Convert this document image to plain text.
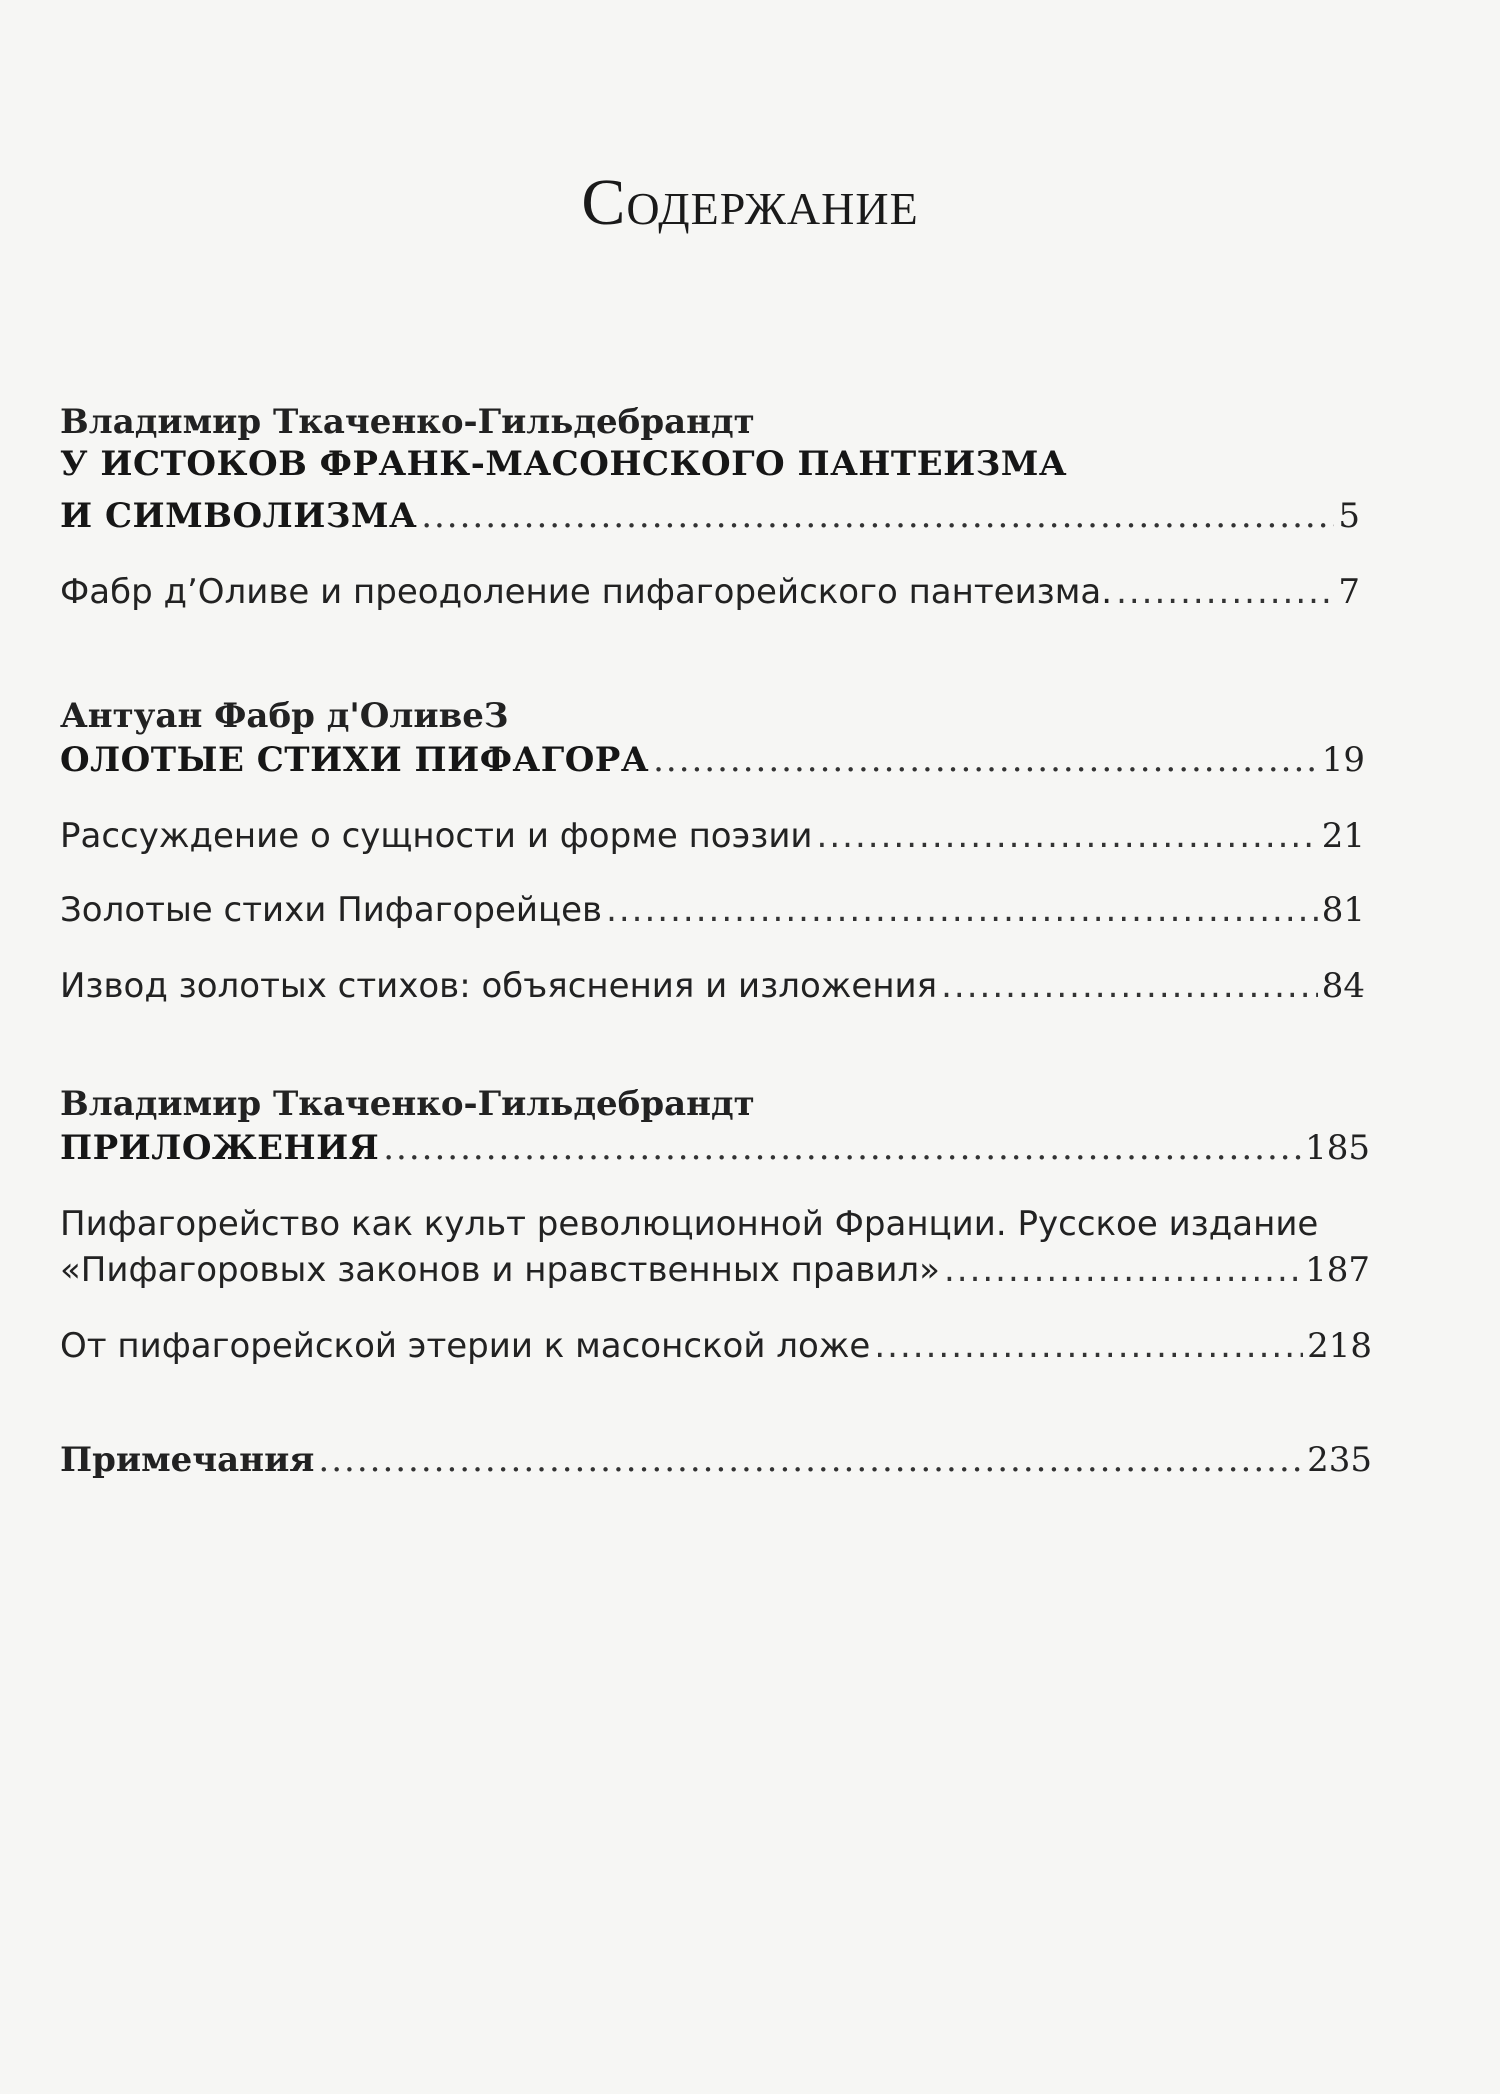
Содержание
Владимир Ткаченко-Гильдебрандт
У ИСТОКОВ ФРАНК-МАСОНСКОГО ПАНТЕИЗМА
И СИМВОЛИЗМА .....	5
Фабр д’Оливе и преодоление пифагорейского пантеизма. .....	7
Антуан Фабр д'ОливеЗ
ОЛОТЫЕ СТИХИ ПИФАГОРА .....	19
Рассуждение о сущности и форме поэзии .....	21
Золотые стихи Пифагорейцев .....	81
Извод золотых стихов: объяснения и изложения .....	84
Владимир Ткаченко-Гильдебрандт
ПРИЛОЖЕНИЯ .....	185
Пифагорейство как культ революционной Франции. Русское издание
«Пифагоровых законов и нравственных правил» .....	187
От пифагорейской этерии к масонской ложе .....	218
Примечания .....	235
